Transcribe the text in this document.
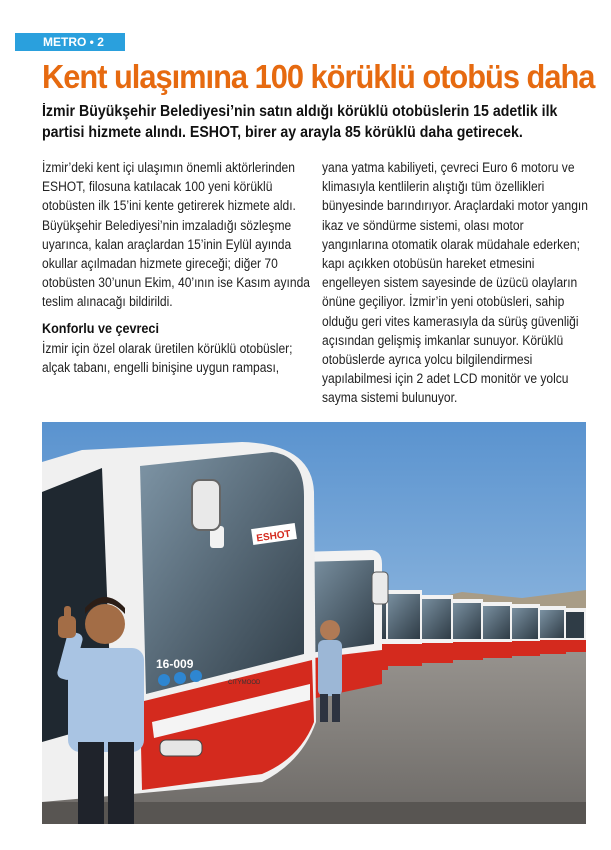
METRO • 2
Kent ulaşımına 100 körüklü otobüs daha

İzmir Büyükşehir Belediyesi’nin satın aldığı körüklü otobüslerin 15 adetlik ilk partisi hizmete alındı. ESHOT, birer ay arayla 85 körüklü daha getirecek.

İzmir’deki kent içi ulaşımın önemli aktörlerinden ESHOT, filosuna katılacak 100 yeni körüklü otobüsten ilk 15’ini kente getirerek hizmete aldı. Büyükşehir Belediyesi’nin imzaladığı sözleşme uyarınca, kalan araçlardan 15’inin Eylül ayında okullar açılmadan hizmete gireceği; diğer 70 otobüsten 30’unun Ekim, 40’ının ise Kasım ayında teslim alınacağı bildirildi.

Konforlu ve çevreci

İzmir için özel olarak üretilen körüklü otobüsler; alçak tabanı, engelli binişine uygun rampası,

yana yatma kabiliyeti, çevreci Euro 6 motoru ve klimasıyla kentlilerin alıştığı tüm özellikleri bünyesinde barındırıyor. Araçlardaki motor yangın ikaz ve söndürme sistemi, olası motor yangınlarına otomatik olarak müdahale ederken; kapı açıkken otobüsün hareket etmesini engelleyen sistem sayesinde de üzücü olayların önüne geçiliyor. İzmir’in yeni otobüsleri, sahip olduğu geri vites kamerasıyla da sürüş güvenliği açısından gelişmiş imkanlar sunuyor. Körüklü otobüslerde ayrıca yolcu bilgilendirmesi yapılabilmesi için 2 adet LCD monitör ve yolcu sayma sistemi bulunuyor.

ESHOT
16-009
CITYMOOD
